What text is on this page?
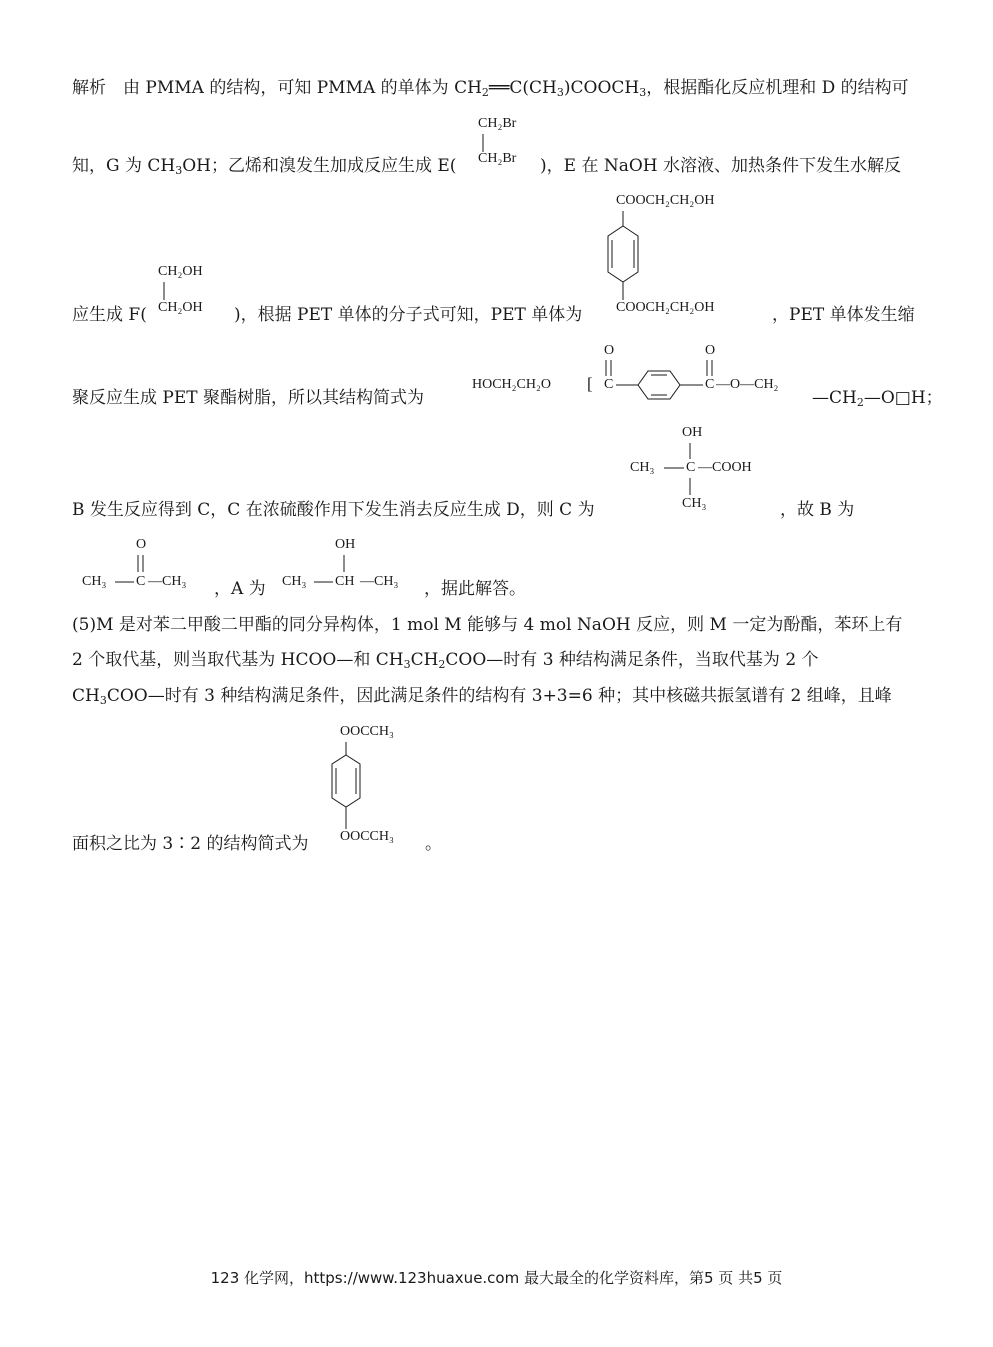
解析　由 PMMA 的结构，可知 PMMA 的单体为 $CH_2══C(CH_3)COOCH_3$，根据酯化反应机理和 D 的结构可
知，G 为 $CH_3OH$；乙烯和溴发生加成反应生成 E(
CH₂Br
CH₂Br )，E 在 NaOH 水溶液、加热条件下发生水解反
应生成 F(
CH₂OH
CH₂OH )，根据 PET 单体的分子式可知，PET 单体为
COOCH₂CH₂OH
COOCH₂CH₂OH	，PET 单体发生缩
聚反应生成 PET 聚酯树脂，所以其结构简式为
HOCH₂CH₂O [
O
C
O
C —O—CH₂
$—CH_2—O□H$；
B 发生反应得到 C，C 在浓硫酸作用下发生消去反应生成 D，则 C 为
OH
CH₃ C —COOH
CH₃	，故 B 为
O
CH₃ C —CH₃ ，A 为
OH
CH₃ CH —CH₃ ，据此解答。
(5)M 是对苯二甲酸二甲酯的同分异构体，1 mol M 能够与 4 mol NaOH 反应，则 M 一定为酚酯，苯环上有
2 个取代基，则当取代基为 HCOO—和 $CH_3CH_2COO—$时有 3 种结构满足条件，当取代基为 2 个
$CH_3COO—$时有 3 种结构满足条件，因此满足条件的结构有 3+3=6 种；其中核磁共振氢谱有 2 组峰，且峰
面积之比为 3∶2 的结构简式为
OOCCH₃
OOCCH₃ 。
123 化学网，https://www.123huaxue.com 最大最全的化学资料库，第5 页 共5 页
